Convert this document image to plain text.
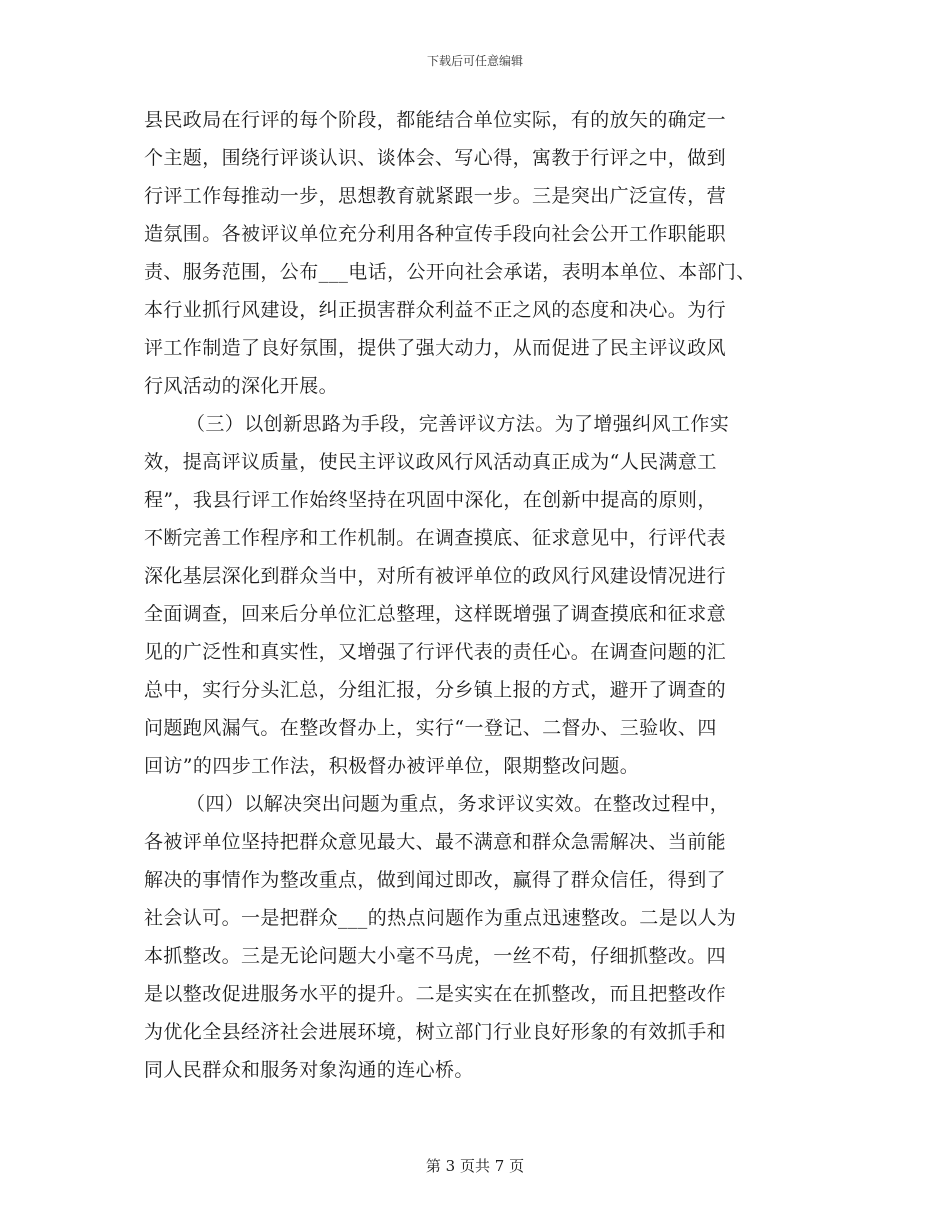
下载后可任意编辑
县民政局在行评的每个阶段，都能结合单位实际，有的放矢的确定一
个主题，围绕行评谈认识、谈体会、写心得，寓教于行评之中，做到
行评工作每推动一步，思想教育就紧跟一步。三是突出广泛宣传，营
造氛围。各被评议单位充分利用各种宣传手段向社会公开工作职能职
责、服务范围，公布___电话，公开向社会承诺，表明本单位、本部门、
本行业抓行风建设，纠正损害群众利益不正之风的态度和决心。为行
评工作制造了良好氛围，提供了强大动力，从而促进了民主评议政风
行风活动的深化开展。
（三）以创新思路为手段，完善评议方法。为了增强纠风工作实
效，提高评议质量，使民主评议政风行风活动真正成为“人民满意工
程”，我县行评工作始终坚持在巩固中深化，在创新中提高的原则，
不断完善工作程序和工作机制。在调查摸底、征求意见中，行评代表
深化基层深化到群众当中，对所有被评单位的政风行风建设情况进行
全面调查，回来后分单位汇总整理，这样既增强了调查摸底和征求意
见的广泛性和真实性，又增强了行评代表的责任心。在调查问题的汇
总中，实行分头汇总，分组汇报，分乡镇上报的方式，避开了调查的
问题跑风漏气。在整改督办上，实行“一登记、二督办、三验收、四
回访”的四步工作法，积极督办被评单位，限期整改问题。
（四）以解决突出问题为重点，务求评议实效。在整改过程中，
各被评单位坚持把群众意见最大、最不满意和群众急需解决、当前能
解决的事情作为整改重点，做到闻过即改，赢得了群众信任，得到了
社会认可。一是把群众___的热点问题作为重点迅速整改。二是以人为
本抓整改。三是无论问题大小毫不马虎，一丝不苟，仔细抓整改。四
是以整改促进服务水平的提升。二是实实在在抓整改，而且把整改作
为优化全县经济社会进展环境，树立部门行业良好形象的有效抓手和
同人民群众和服务对象沟通的连心桥。
第 3 页共 7 页
